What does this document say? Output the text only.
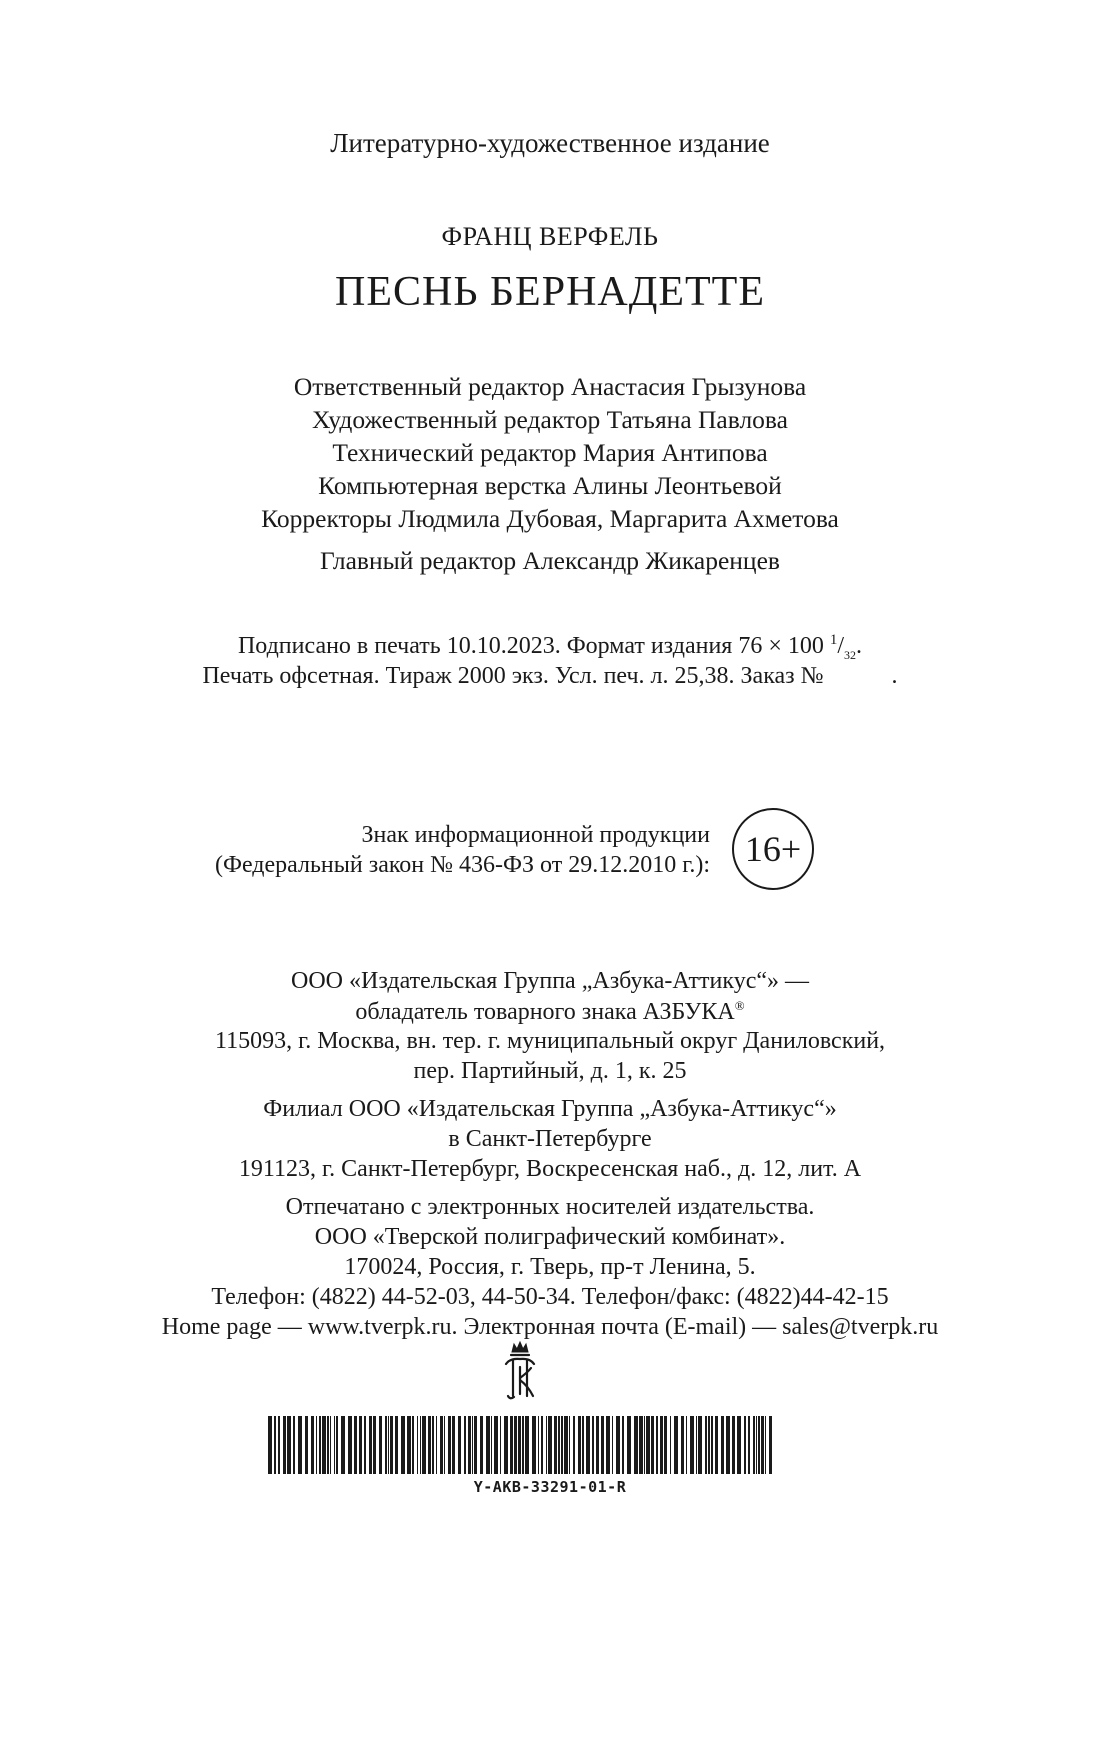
Литературно-художественное издание
ФРАНЦ ВЕРФЕЛЬ
ПЕСНЬ БЕРНАДЕТТЕ
Ответственный редактор Анастасия Грызунова
Художественный редактор Татьяна Павлова
Технический редактор Мария Антипова
Компьютерная верстка Алины Леонтьевой
Корректоры Людмила Дубовая, Маргарита Ахметова
Главный редактор Александр Жикаренцев
Подписано в печать 10.10.2023. Формат издания 76 × 100 $^1/_{32}$.
Печать офсетная. Тираж 2000 экз. Усл. печ. л. 25,38. Заказ №	.
Знак информационной продукции
(Федеральный закон № 436-ФЗ от 29.12.2010 г.): 16+
ООО «Издательская Группа „Азбука-Аттикус“» —
обладатель товарного знака АЗБУКА®
115093, г. Москва, вн. тер. г. муниципальный округ Даниловский,
пер. Партийный, д. 1, к. 25
Филиал ООО «Издательская Группа „Азбука-Аттикус“»
в Санкт-Петербурге
191123, г. Санкт-Петербург, Воскресенская наб., д. 12, лит. А
Отпечатано с электронных носителей издательства.
ООО «Тверской полиграфический комбинат».
170024, Россия, г. Тверь, пр-т Ленина, 5.
Телефон: (4822) 44-52-03, 44-50-34. Телефон/факс: (4822)44-42-15
Home page — www.tverpk.ru. Электронная почта (E-mail) — sales@tverpk.ru
Y-AKB-33291-01-R
